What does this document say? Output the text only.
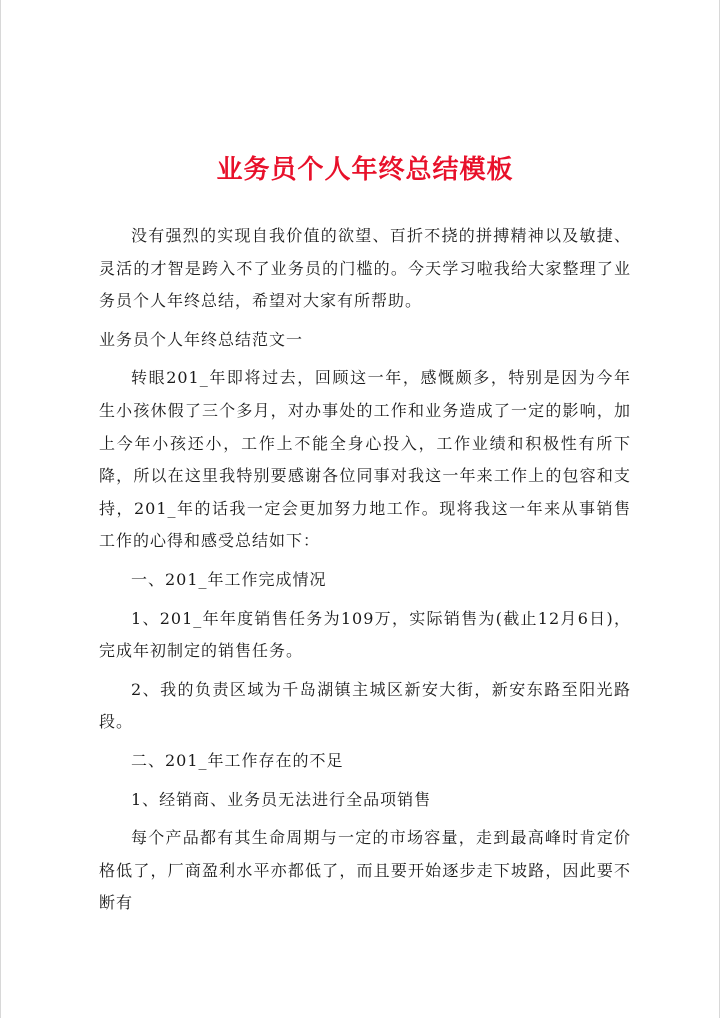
业务员个人年终总结模板

没有强烈的实现自我价值的欲望、百折不挠的拼搏精神以及敏捷、灵活的才智是跨入不了业务员的门槛的。今天学习啦我给大家整理了业务员个人年终总结，希望对大家有所帮助。

业务员个人年终总结范文一

转眼201_年即将过去，回顾这一年，感慨颇多，特别是因为今年生小孩休假了三个多月，对办事处的工作和业务造成了一定的影响，加上今年小孩还小，工作上不能全身心投入，工作业绩和积极性有所下降，所以在这里我特别要感谢各位同事对我这一年来工作上的包容和支持，201_年的话我一定会更加努力地工作。现将我这一年来从事销售工作的心得和感受总结如下：

一、201_年工作完成情况

1、201_年年度销售任务为109万，实际销售为(截止12月6日)，完成年初制定的销售任务。

2、我的负责区域为千岛湖镇主城区新安大街，新安东路至阳光路段。

二、201_年工作存在的不足

1、经销商、业务员无法进行全品项销售

每个产品都有其生命周期与一定的市场容量，走到最高峰时肯定价格低了，厂商盈利水平亦都低了，而且要开始逐步走下坡路，因此要不断有
